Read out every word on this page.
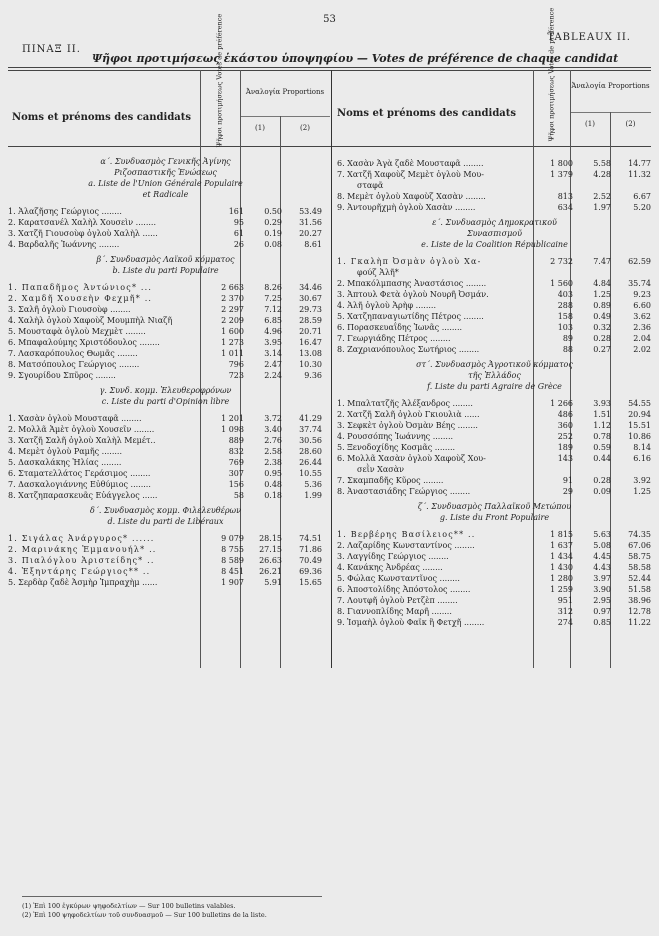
53
ΠΙΝΑΞ ΙΙ.
TABLEAUX II.
Ψῆφοι προτιμήσεως ἑκάστου ὑποψηφίου — Votes de préférence de chaque candidat
Noms et prénoms des candidats	Ψῆφοι προτιμήσεως Votes de préférence	Ἀναλογία Proportions
(1)	(2)
Noms et prénoms des candidats	Ψῆφοι προτιμήσεως Votes de préférence Ἀναλογία Proportions
(1)	(2)
α΄. Συνδυασμὸς Γενικῆς Ἀγίνης
Ριζοσπαστικῆς Ἑνώσεως
a. Liste de l'Union Générale Populaire
et Radicale
1. Ἀλαζῆσης Γεώργιος ........	161	0.50	53.49
2. Καρατσανέλ Χαλὴλ Χουσεὶν ........	95	0.29	31.56
3. Χατζῆ Γιουσοὺφ ὀγλοὺ Χαλὴλ ......	61	0.19	20.27
4. Βαρδαλῆς Ἰωάννης ........	26	0.08	8.61
β΄. Συνδυασμὸς Λαϊκοῦ κόμματος
b. Liste du parti Populaire
1. Παπαδῆμος Ἀντώνιος* ...	2 663	8.26	34.46
2. Χαμδῆ Χουσεὴν Φεχμῆ* ..	2 370	7.25	30.67
3. Σαλῆ ὀγλοὺ Γιουσοὺφ ........	2 297	7.12	29.73
4. Χαλὴλ ὀγλοὺ Χαφοὺζ Μουμπὴλ Νιαζῆ	2 209	6.85	28.59
5. Μουσταφὰ ὀγλοὺ Μεχμὲτ ........	1 600	4.96	20.71
6. Μπαφαλούμης Χριστόδουλος ........	1 273	3.95	16.47
7. Λασκαρόπουλος Θωμᾶς ........	1 011	3.14	13.08
8. Ματσόπουλος Γεώργιος ........	796	2.47	10.30
9. Σγουρίδου Σπῦρος ........	723	2.24	9.36
γ. Συνδ. κομμ. Ἐλευθεροφρόνων
c. Liste du parti d'Opinion libre
1. Χασὰν ὀγλοὺ Μουσταφᾶ ........	1 201	3.72	41.29
2. Μολλᾶ Ἀμὲτ ὀγλοὺ Χουσεῖν ........	1 098	3.40	37.74
3. Χατζῆ Σαλῆ ὀγλοὺ Χαλὴλ Μεμέτ..	889	2.76	30.56
4. Μεμὲτ ὀγλοὺ Ραμῆς ........	832	2.58	28.60
5. Δασκαλάκης Ἠλίας ........	769	2.38	26.44
6. Σταματελλάτος Γεράσιμος ........	307	0.95	10.55
7. Δασκαλογιάννης Εὐθύμιος ........	156	0.48	5.36
8. Χατζηπαρασκευᾶς Εὐάγγελος ......	58	0.18	1.99
δ΄. Συνδυασμὸς κομμ. Φιλελευθέρων
d. Liste du parti de Libéraux
1. Σιγάλας Ἀνάργυρος* ......	9 079	28.15	74.51
2. Μαρινάκης Ἐμμανουήλ* ..	8 755	27.15	71.86
3. Πιαλόγλου Ἀριστείδης* ..	8 589	26.63	70.49
4. Ἐξηντάρης Γεώργιος** ..	8 451	26.21	69.36
5. Σερδὰρ ζαδὲ Ἀσμὴρ Ἰμπραχὴμ ......	1 907	5.91	15.65
6. Χασὰν Ἀγὰ ζαδὲ Μουσταφᾶ ........	1 800	5.58	14.77
7. Χατζῆ Χαφοὺζ Μεμὲτ ὀγλοὺ Μου-	1 379	4.28	11.32
σταφᾶ
8. Μεμὲτ ὀγλοὺ Χαφοὺζ Χασὰν ........	813	2.52	6.67
9. Ἀντουρῆχμὴ ὀγλοὺ Χασὰν ........	634	1.97	5.20
ε΄. Συνδυασμὸς Δημοκρατικοῦ
Συνασπισμοῦ
e. Liste de la Coalition Républicaine
1. Γκαλὴπ Ὀσμὰν ὀγλοὺ Χα-	2 732	7.47	62.59
φούζ Ἀλῆ*
2. Μπακόλμπασης Ἀναστάσιος ........	1 560	4.84	35.74
3. Ἀπτουλ Φετὰ ὀγλοὺ Νουρῆ Ὀσμάν.	403	1.25	9.23
4. Ἀλῆ ὀγλοὺ Ἀρὴφ ........	288	0.89	6.60
5. Χατζηπαναγιωτίδης Πέτρος ........	158	0.49	3.62
6. Πορασκευαΐδης Ἰωνᾶς ........	103	0.32	2.36
7. Γεωργιάδης Πέτρος ........	89	0.28	2.04
8. Ζαχριανόπουλος Σωτήριος ........	88	0.27	2.02
στ΄. Συνδυασμὸς Ἀγροτικοῦ κόμματος
τῆς Ἑλλάδος
f. Liste du parti Agraire de Grèce
1. Μπαλτατζῆς Ἀλέξανδρος ........	1 266	3.93	54.55
2. Χατζῆ Σαλῆ ὀγλοὺ Γκιουλιὰ ......	486	1.51	20.94
3. Σεφκὲτ ὀγλοὺ Ὀσμὰν Βέης ........	360	1.12	15.51
4. Ρουσσόπης Ἰωάννης ........	252	0.78	10.86
5. Ξενοδοχίδης Κοσμᾶς ........	189	0.59	8.14
6. Μολλᾶ Χασὰν ὀγλοὺ Χαφοὺζ Χου-	143	0.44	6.16
σεῒν Χασὰν
7. Σκαμπαδῆς Κῦρος ........	91	0.28	3.92
8. Ἀναστασιάδης Γεώργιος ........	29	0.09	1.25
ζ΄. Συνδυασμὸς Παλλαϊκοῦ Μετώπου
g. Liste du Front Populaire
1. Βερβέρης Βασίλειος** ..	1 815	5.63	74.35
2. Λαζαρίδης Κωνσταντίνος ........	1 637	5.08	67.06
3. Λαγγίδης Γεώργιος ........	1 434	4.45	58.75
4. Κανάκης Ἀνδρέας ........	1 430	4.43	58.58
5. Φώλας Κωνσταντῖνος ........	1 280	3.97	52.44
6. Ἀποστολίδης Ἀπόστολος ........	1 259	3.90	51.58
7. Λουτφῆ ὀγλοὺ Ρετζὲπ ........	951	2.95	38.96
8. Γιαννοπλίδης Μαρῆ ........	312	0.97	12.78
9. Ἰσμαὴλ ὀγλοὺ Φαϊκ ἢ Φετχῆ ........	274	0.85	11.22
(1) Ἐπὶ 100 ἐγκύρων ψηφοδελτίων — Sur 100 bulletins valables.
(2) Ἐπὶ 100 ψηφοδελτίων τοῦ συνδυασμοῦ — Sur 100 bulletins de la liste.
